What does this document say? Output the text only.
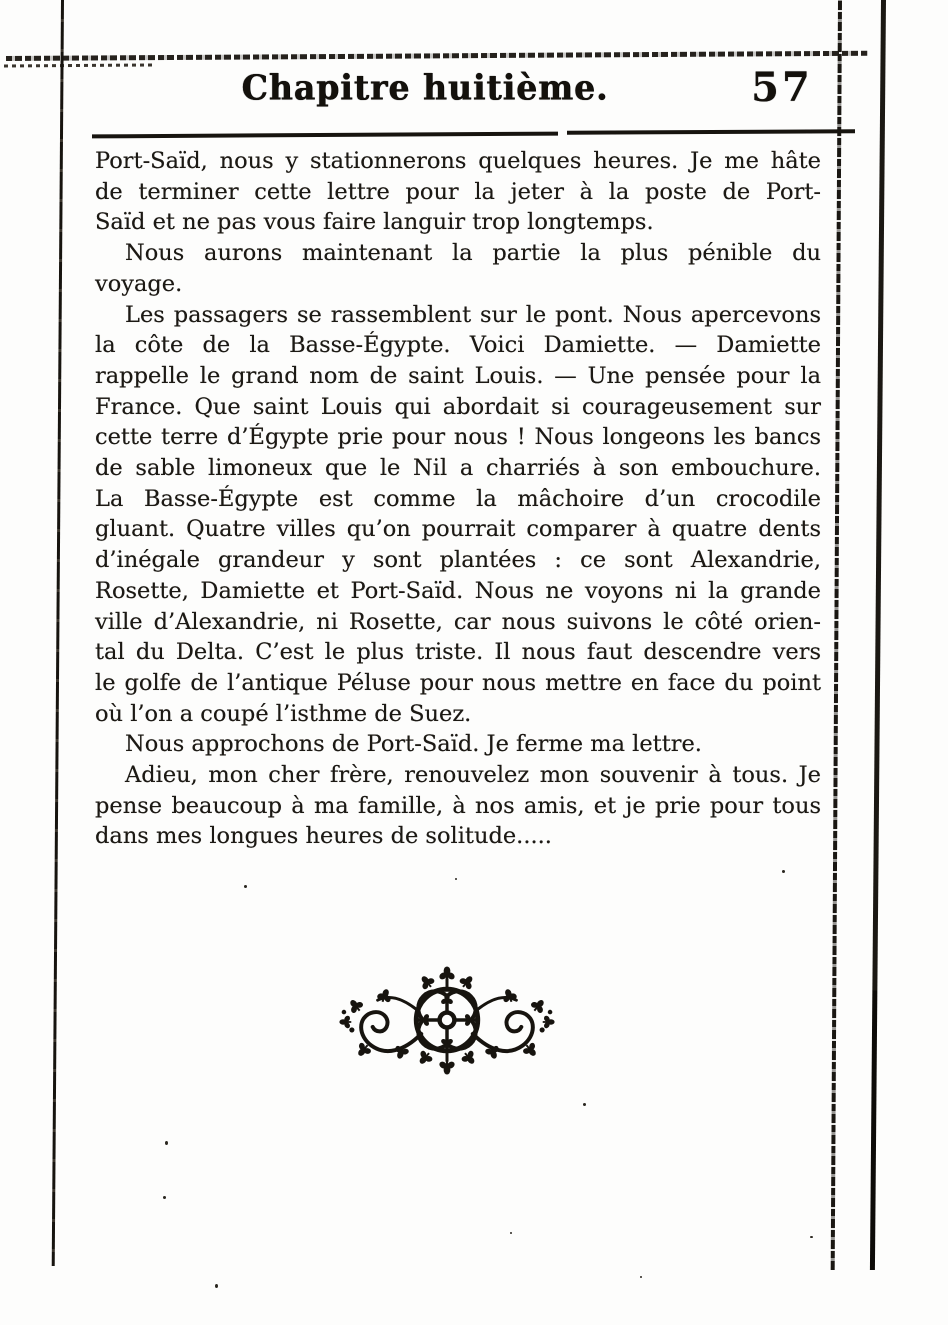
Chapitre huitième.	57
Port-Saïd, nous y stationnerons quelques heures. Je me hâte
de terminer cette lettre pour la jeter à la poste de Port-
Saïd et ne pas vous faire languir trop longtemps.
Nous aurons maintenant la partie la plus pénible du
voyage.
Les passagers se rassemblent sur le pont. Nous apercevons
la côte de la Basse-Égypte. Voici Damiette. — Damiette
rappelle le grand nom de saint Louis. — Une pensée pour la
France. Que saint Louis qui abordait si courageusement sur
cette terre d’Égypte prie pour nous ! Nous longeons les bancs
de sable limoneux que le Nil a charriés à son embouchure.
La Basse-Égypte est comme la mâchoire d’un crocodile
gluant. Quatre villes qu’on pourrait comparer à quatre dents
d’inégale grandeur y sont plantées : ce sont Alexandrie,
Rosette, Damiette et Port-Saïd. Nous ne voyons ni la grande
ville d’Alexandrie, ni Rosette, car nous suivons le côté orien-
tal du Delta. C’est le plus triste. Il nous faut descendre vers
le golfe de l’antique Péluse pour nous mettre en face du point
où l’on a coupé l’isthme de Suez.
Nous approchons de Port-Saïd. Je ferme ma lettre.
Adieu, mon cher frère, renouvelez mon souvenir à tous. Je
pense beaucoup à ma famille, à nos amis, et je prie pour tous
dans mes longues heures de solitude.....
